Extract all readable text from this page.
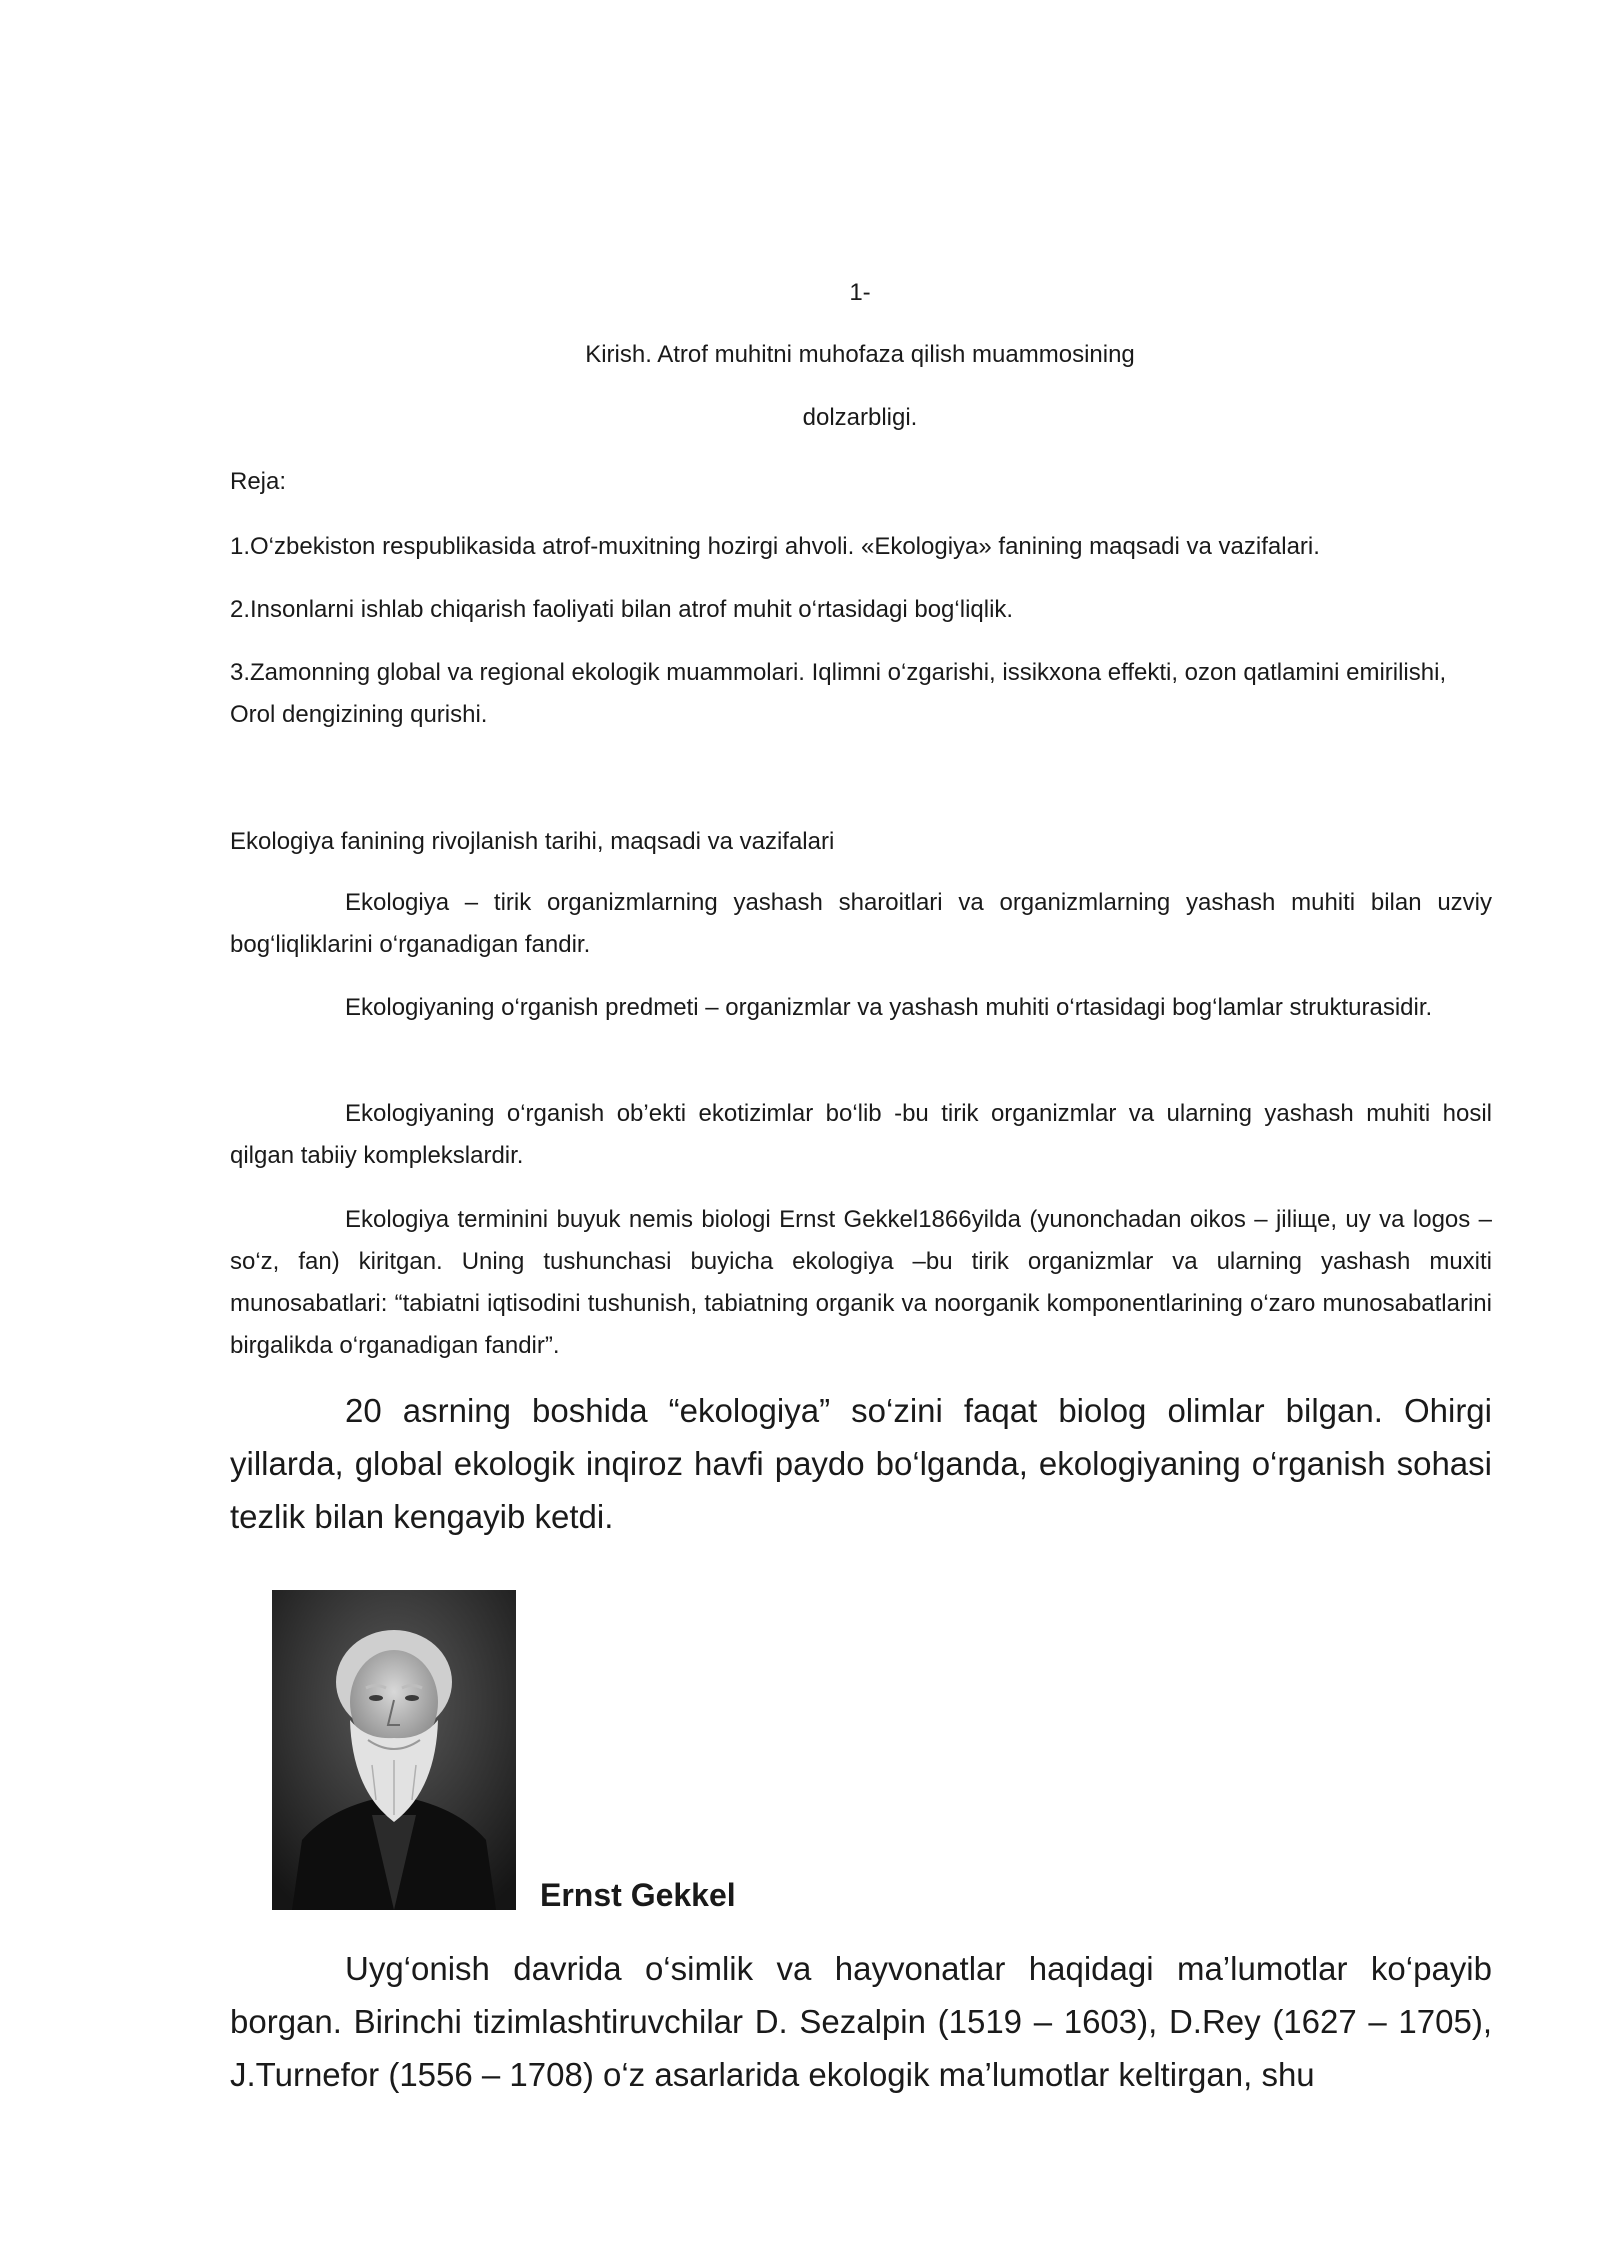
1-
Kirish. Atrof muhitni muhofaza qilish muammosining
dolzarbligi.
Reja:
1.O‘zbekiston respublikasida atrof-muxitning hozirgi ahvoli. «Ekologiya» fanining maqsadi va vazifalari.
2.Insonlarni ishlab chiqarish faoliyati bilan atrof muhit o‘rtasidagi bog‘liqlik.
3.Zamonning global va regional ekologik muammolari. Iqlimni o‘zgarishi, issikxona effekti, ozon qatlamini emirilishi, Orol dengizining qurishi.
Ekologiya fanining rivojlanish tarihi, maqsadi va vazifalari
Ekologiya – tirik organizmlarning yashash sharoitlari va organizmlarning yashash muhiti bilan uzviy bog‘liqliklarini o‘rganadigan fandir.
Ekologiyaning o‘rganish predmeti – organizmlar va yashash muhiti o‘rtasidagi bog‘lamlar strukturasidir.
Ekologiyaning o‘rganish ob’ekti ekotizimlar bo‘lib -bu tirik organizmlar va ularning yashash muhiti hosil qilgan tabiiy komplekslardir.
Ekologiya terminini buyuk nemis biologi Ernst Gekkel1866yilda (yunonchadan oikos – jiliщe, uy va logos – so‘z, fan) kiritgan. Uning tushunchasi buyicha ekologiya –bu tirik organizmlar va ularning yashash muxiti munosabatlari: “tabiatni iqtisodini tushunish, tabiatning organik va noorganik komponentlarining o‘zaro munosabatlarini birgalikda o‘rganadigan fandir”.
20 asrning boshida “ekologiya” so‘zini faqat biolog olimlar bilgan. Ohirgi yillarda, global ekologik inqiroz havfi paydo bo‘lganda, ekologiyaning o‘rganish sohasi tezlik bilan kengayib ketdi.
Ernst Gekkel
Uyg‘onish davrida o‘simlik va hayvonatlar haqidagi ma’lumotlar ko‘payib borgan. Birinchi tizimlashtiruvchilar D. Sezalpin (1519 – 1603), D.Rey (1627 – 1705), J.Turnefor (1556 – 1708) o‘z asarlarida ekologik ma’lumotlar keltirgan, shu
